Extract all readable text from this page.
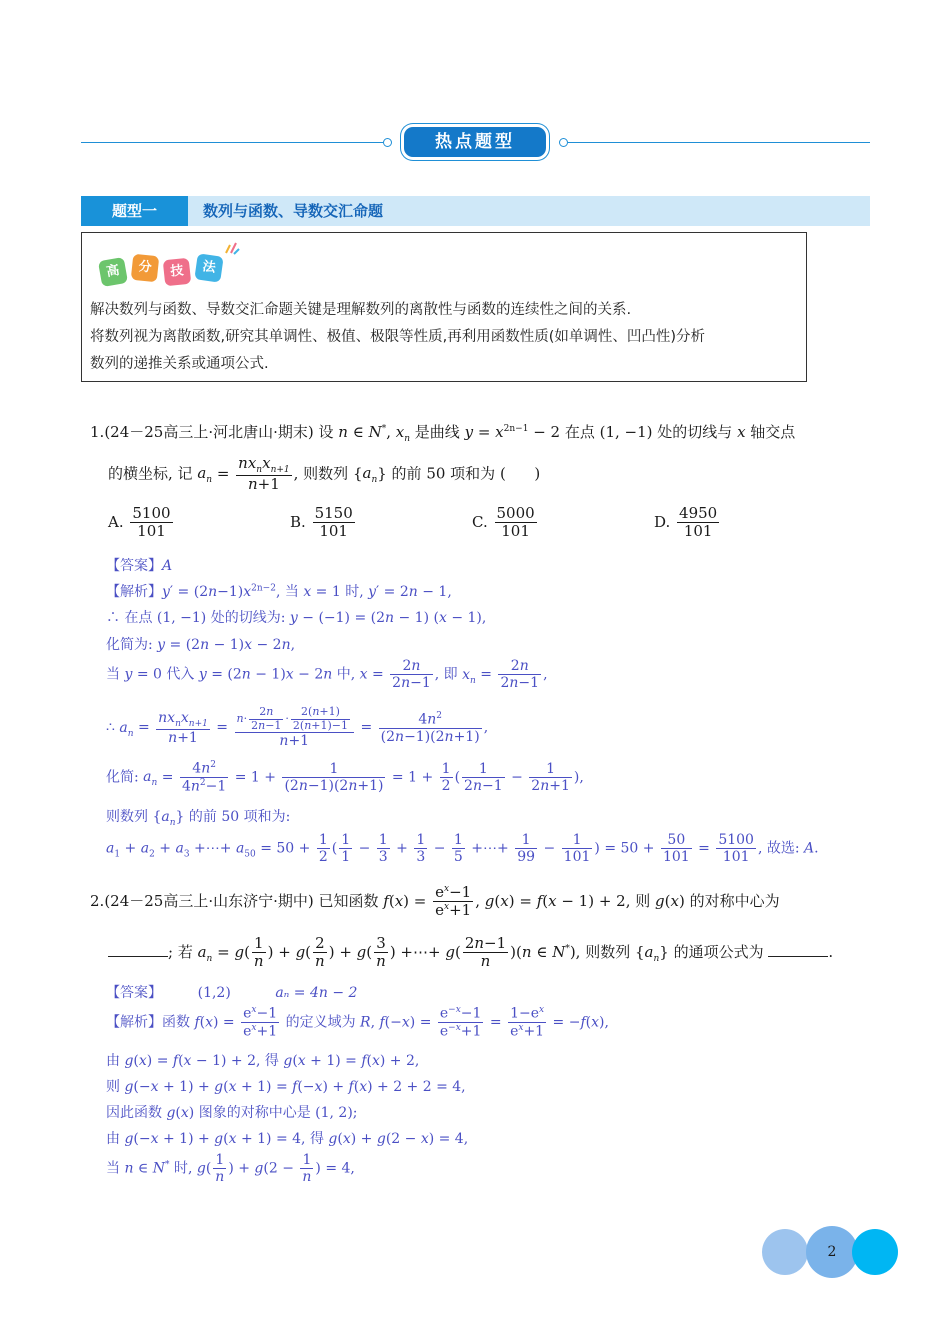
热点题型
题型一	数列与函数、导数交汇命题
高	分	技	法
解决数列与函数、导数交汇命题关键是理解数列的离散性与函数的连续性之间的关系.
将数列视为离散函数,研究其单调性、极值、极限等性质,再利用函数性质(如单调性、凹凸性)分析
数列的递推关系或通项公式.
1.(24－25高三上·河北唐山·期末) 设 n ∈ N*, $x_n$ 是曲线 $y = x^{2n-1} - 2$ 在点 (1, −1) 处的切线与 x 轴交点
的横坐标, 记 $a_n = \frac{nx_nx_{n+1}}{n+1}$ , 则数列 $\{a_n\}$ 的前 50 项和为 (      )
A. $\frac{5100}{101}$	B. $\frac{5150}{101}$	C. $\frac{5000}{101}$	D. $\frac{4950}{101}$
【答案】A
【解析】$y' = (2n-1)x^{2n-2}$, 当 x = 1 时, y′ = 2n − 1,
∴ 在点 (1, −1) 处的切线为: y − (−1) = (2n − 1) (x − 1),
化简为: y = (2n − 1)x − 2n,
当 y = 0 代入 y = (2n − 1)x − 2n 中, $x = \frac{2n}{2n-1}$ , 即 $x_n = \frac{2n}{2n-1}$ ,
∴ $a_n = \frac{nx_nx_{n+1}}{n+1} = \frac{n\cdot \frac{2n}{2n-1} \cdot \frac{2(n+1)}{2(n+1)-1}}{n+1} = \frac{4n^2}{(2n-1)(2n+1)}$ ,
化简: $a_n = \frac{4n^2}{4n^2-1} = 1 + \frac{1}{(2n-1)(2n+1)} = 1 + \frac{1}{2}$ ( $\frac{1}{2n-1} - \frac{1}{2n+1}$ ),
则数列 $\{a_n\}$ 的前 50 项和为:
$a_1 + a_2 + a_3$ +⋯+ $a_{50} = 50 + \frac{1}{2}$ ( $\frac{1}{1} - \frac{1}{3} + \frac{1}{3} - \frac{1}{5}$ +⋯+ $\frac{1}{99} - \frac{1}{101}$ ) = $50 + \frac{50}{101} = \frac{5100}{101}$ , 故选: A.
2.(24－25高三上·山东济宁·期中) 已知函数 $f(x) = \frac{e^x-1}{e^x+1}$ , g(x) = f(x − 1) + 2, 则 g(x) 的对称中心为
; 若 $a_n = g( \frac{1}{n}$ ) + $g( \frac{2}{n}$ ) + $g( \frac{3}{n}$ ) +⋯+ $g( \frac{2n-1}{n} )(n$ ∈ N*), 则数列 $\{a_n\}$ 的通项公式为	.
【答案】	(1,2)	aₙ = 4n − 2
【解析】函数 $f(x) = \frac{e^x-1}{e^x+1}$ 的定义域为 R, $f(-x) = \frac{e^{-x}-1}{e^{-x}+1} = \frac{1-e^x}{e^x+1} = -f(x)$,
由 g(x) = f(x − 1) + 2, 得 g(x + 1) = f(x) + 2,
则 g(−x + 1) + g(x + 1) = f(−x) + f(x) + 2 + 2 = 4,
因此函数 g(x) 图象的对称中心是 (1, 2);
由 g(−x + 1) + g(x + 1) = 4, 得 g(x) + g(2 − x) = 4,
当 n ∈ N* 时, $g( \frac{1}{n}$ ) + $g(2 - \frac{1}{n}$ ) = 4,
2
